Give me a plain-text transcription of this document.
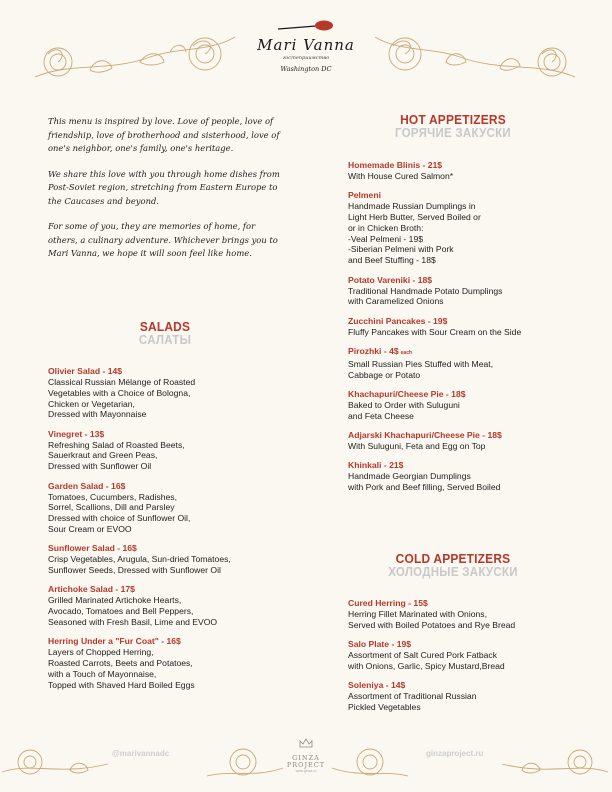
Mari Vanna
гостеприимство
Washington DC

This menu is inspired by love. Love of people, love of friendship, love of brotherhood and sisterhood, love of one's neighbor, one's family, one's heritage.

We share this love with you through home dishes from Post-Soviet region, stretching from Eastern Europe to the Caucases and beyond.

For some of you, they are memories of home, for others, a culinary adventure. Whichever brings you to Mari Vanna, we hope it will soon feel like home.

SALADS
САЛАТЫ
Olivier Salad - 14$
Classical Russian Mélange of Roasted
Vegetables with a Choice of Bologna,
Chicken or Vegetarian,
Dressed with Mayonnaise
Vinegret - 13$
Refreshing Salad of Roasted Beets,
Sauerkraut and Green Peas,
Dressed with Sunflower Oil
Garden Salad - 16$
Tomatoes, Cucumbers, Radishes,
Sorrel, Scallions, Dill and Parsley
Dressed with choice of Sunflower Oil,
Sour Cream or EVOO
Sunflower Salad - 16$
Crisp Vegetables, Arugula, Sun-dried Tomatoes,
Sunflower Seeds, Dressed with Sunflower Oil
Artichoke Salad - 17$
Grilled Marinated Artichoke Hearts,
Avocado, Tomatoes and Bell Peppers,
Seasoned with Fresh Basil, Lime and EVOO
Herring Under a "Fur Coat" - 16$
Layers of Chopped Herring,
Roasted Carrots, Beets and Potatoes,
with a Touch of Mayonnaise,
Topped with Shaved Hard Boiled Eggs
HOT APPETIZERS
ГОРЯЧИЕ ЗАКУСКИ
Homemade Blinis - 21$
With House Cured Salmon*
Pelmeni
Handmade Russian Dumplings in
Light Herb Butter, Served Boiled or
or in Chicken Broth:
-Veal Pelmeni - 19$
-Siberian Pelmeni with Pork
and Beef Stuffing - 18$
Potato Vareniki - 18$
Traditional Handmade Potato Dumplings
with Caramelized Onions
Zucchini Pancakes - 19$
Fluffy Pancakes with Sour Cream on the Side
Pirozhki - 4$ each
Small Russian Pies Stuffed with Meat,
Cabbage or Potato
Khachapuri/Cheese Pie - 18$
Baked to Order with Suluguni
and Feta Cheese
Adjarski Khachapuri/Cheese Pie - 18$
With Suluguni, Feta and Egg on Top
Khinkali - 21$
Handmade Georgian Dumplings
with Pork and Beef filling, Served Boiled
COLD APPETIZERS
ХОЛОДНЫЕ ЗАКУСКИ
Cured Herring - 15$
Herring Fillet Marinated with Onions,
Served with Boiled Potatoes and Rye Bread
Salo Plate - 19$
Assortment of Salt Cured Pork Fatback
with Onions, Garlic, Spicy Mustard,Bread
Soleniya - 14$
Assortment of Traditional Russian
Pickled Vegetables
@marivannadc	GINZA
PROJECT
www.ginza.ru
ginzaproject.ru
